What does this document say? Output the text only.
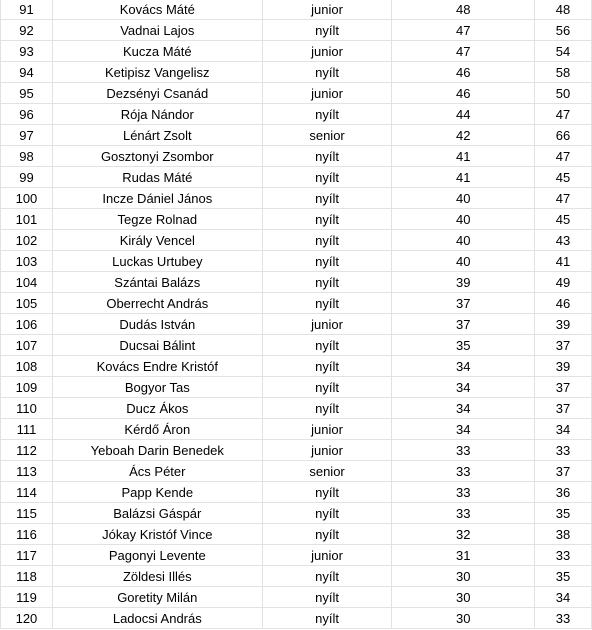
91	Kovács Máté	junior	48	48
92	Vadnai Lajos	nyílt	47	56
93	Kucza Máté	junior	47	54
94	Ketipisz Vangelisz	nyílt	46	58
95	Dezsényi Csanád	junior	46	50
96	Rója Nándor	nyílt	44	47
97	Lénárt Zsolt	senior	42	66
98	Gosztonyi Zsombor	nyílt	41	47
99	Rudas Máté	nyílt	41	45
100	Incze Dániel János	nyílt	40	47
101	Tegze Rolnad	nyílt	40	45
102	Király Vencel	nyílt	40	43
103	Luckas Urtubey	nyílt	40	41
104	Szántai Balázs	nyílt	39	49
105	Oberrecht András	nyílt	37	46
106	Dudás István	junior	37	39
107	Ducsai Bálint	nyílt	35	37
108	Kovács Endre Kristóf	nyílt	34	39
109	Bogyor Tas	nyílt	34	37
110	Ducz Ákos	nyílt	34	37
111	Kérdő Áron	junior	34	34
112	Yeboah Darin Benedek	junior	33	33
113	Ács Péter	senior	33	37
114	Papp Kende	nyílt	33	36
115	Balázsi Gáspár	nyílt	33	35
116	Jókay Kristóf Vince	nyílt	32	38
117	Pagonyi Levente	junior	31	33
118	Zöldesi Illés	nyílt	30	35
119	Goretity Milán	nyílt	30	34
120	Ladocsi András	nyílt	30	33
